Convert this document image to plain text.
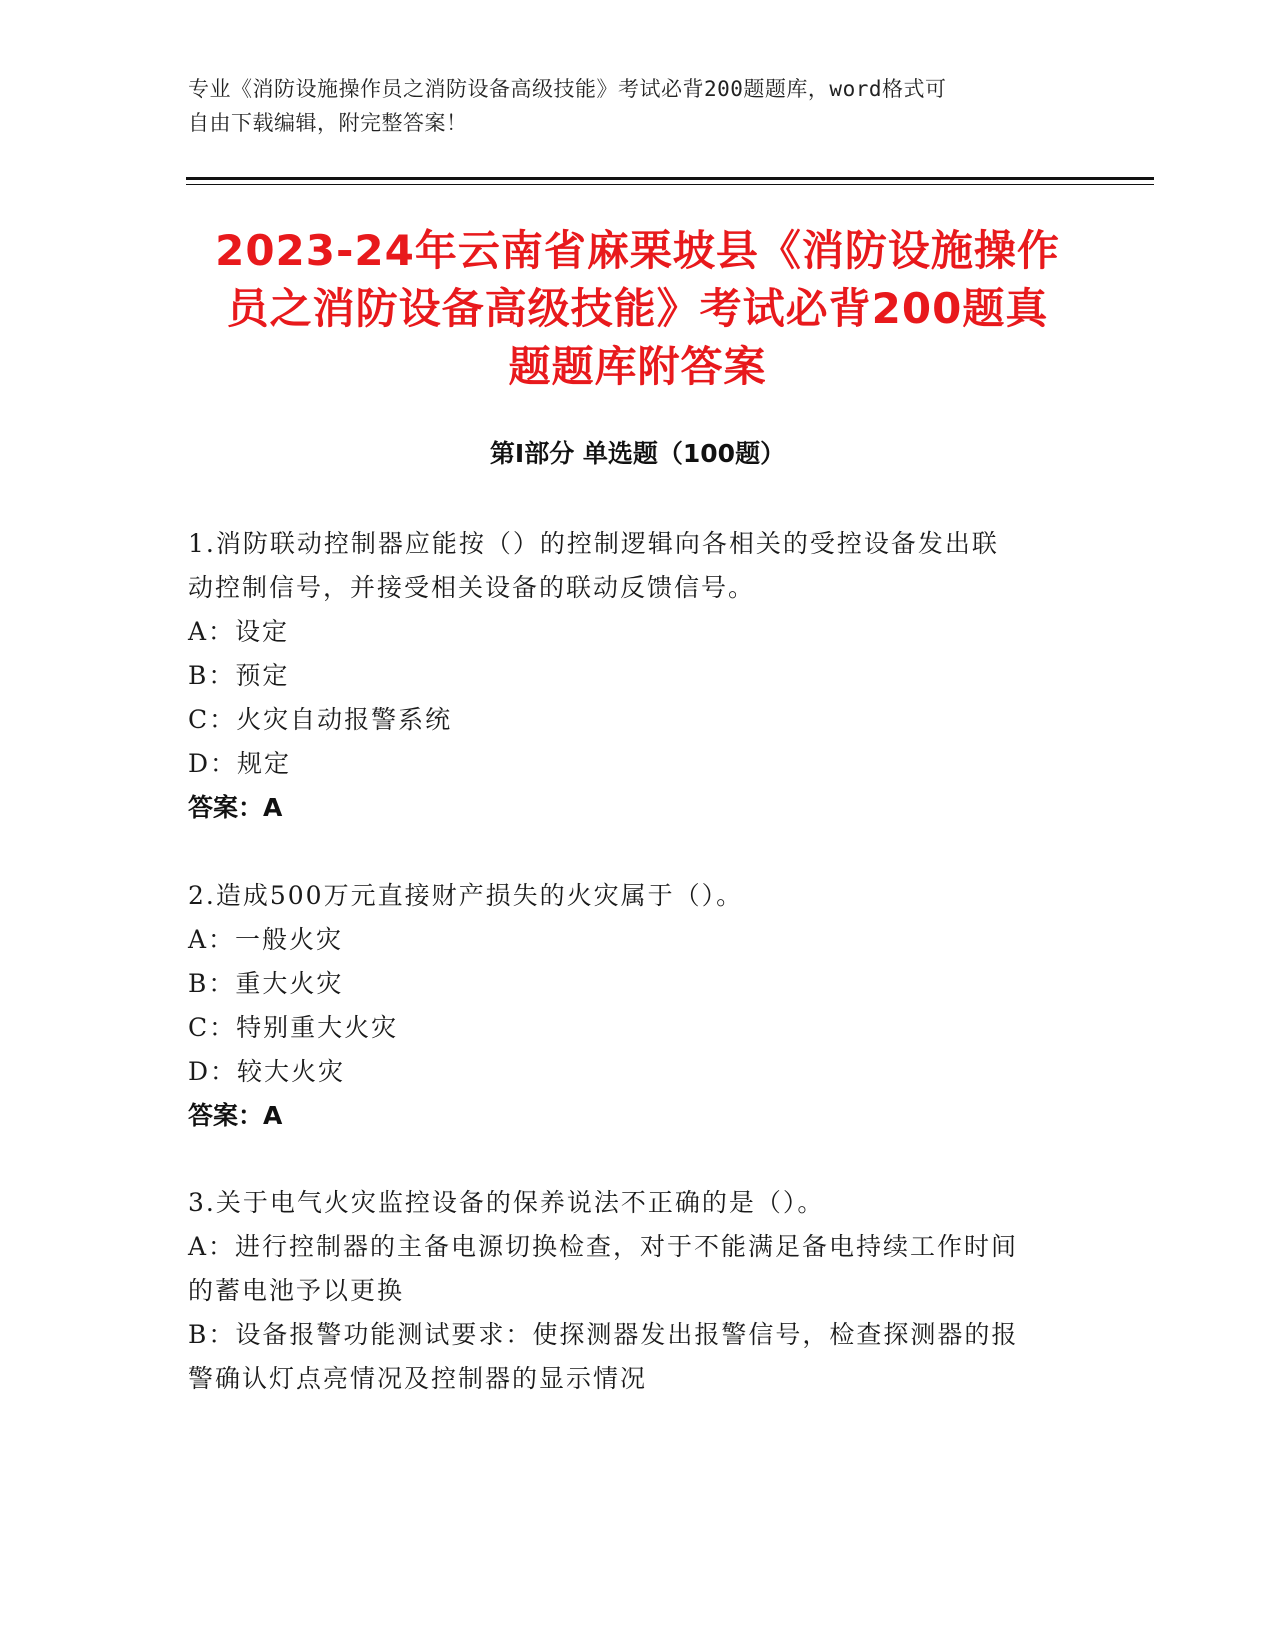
专业《消防设施操作员之消防设备高级技能》考试必背200题题库，word格式可
自由下载编辑，附完整答案！
2023-24年云南省麻栗坡县《消防设施操作
员之消防设备高级技能》考试必背200题真
题题库附答案
第I部分 单选题（100题）
1.消防联动控制器应能按（）的控制逻辑向各相关的受控设备发出联
动控制信号，并接受相关设备的联动反馈信号。
A：设定
B：预定
C：火灾自动报警系统
D：规定
答案：A
2.造成500万元直接财产损失的火灾属于（）。
A：一般火灾
B：重大火灾
C：特别重大火灾
D：较大火灾
答案：A
3.关于电气火灾监控设备的保养说法不正确的是（）。
A：进行控制器的主备电源切换检查，对于不能满足备电持续工作时间
的蓄电池予以更换
B：设备报警功能测试要求：使探测器发出报警信号，检查探测器的报
警确认灯点亮情况及控制器的显示情况
